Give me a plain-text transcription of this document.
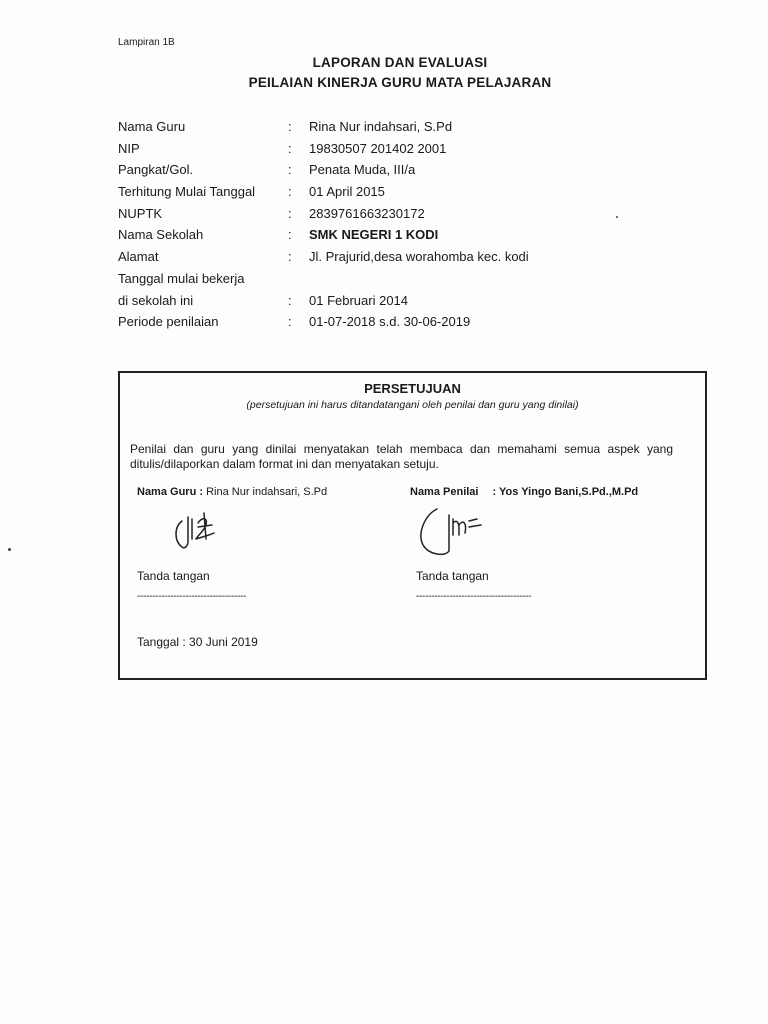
Lampiran 1B
LAPORAN DAN EVALUASI
PEILAIAN KINERJA GURU MATA PELAJARAN
Nama Guru	: Rina Nur indahsari, S.Pd
NIP	: 19830507 201402 2001
Pangkat/Gol.	: Penata Muda, III/a
Terhitung Mulai Tanggal	: 01 April 2015
NUPTK	: 2839761663230172
Nama Sekolah	: SMK NEGERI 1 KODI
Alamat	: Jl. Prajurid,desa worahomba kec. kodi
Tanggal mulai bekerja
di sekolah ini	: 01 Februari 2014
Periode penilaian	: 01-07-2018 s.d. 30-06-2019
PERSETUJUAN
(persetujuan ini harus ditandatangani oleh penilai dan guru yang dinilai)
Penilai dan guru yang dinilai menyatakan telah membaca dan memahami semua aspek yang ditulis/dilaporkan dalam format ini dan menyatakan setuju.
Nama Guru : Rina Nur indahsari, S.Pd	Nama Penilai : Yos Yingo Bani,S.Pd.,M.Pd
Tanda tangan	Tanda tangan
------------------------------------	--------------------------------------
Tanggal : 30 Juni 2019
